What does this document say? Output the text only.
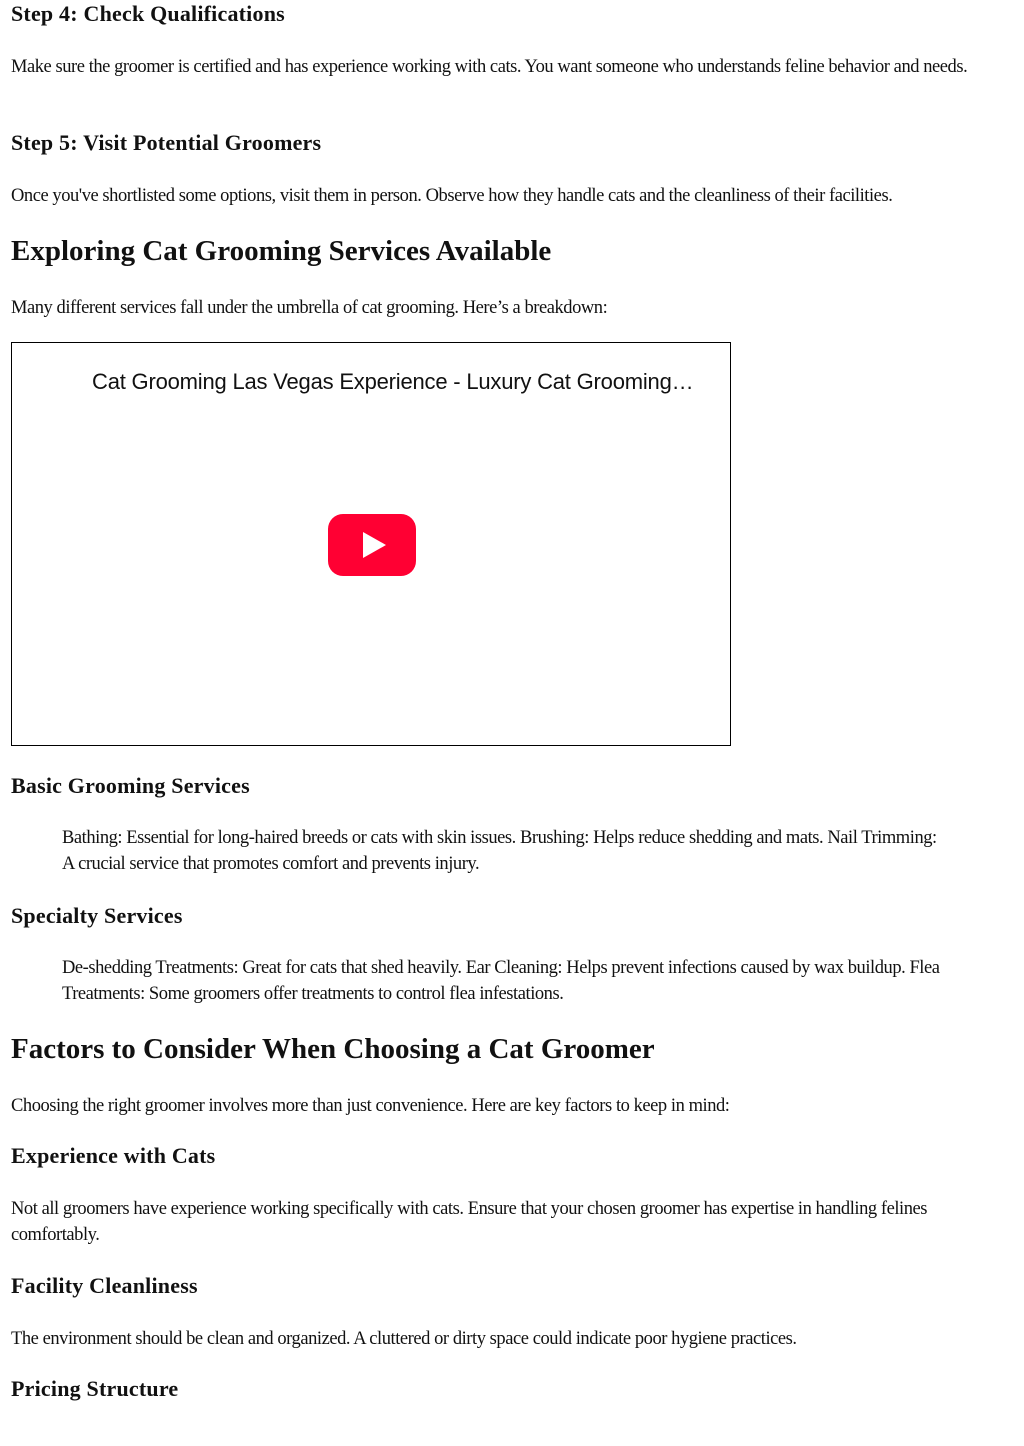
Step 4: Check Qualifications

Make sure the groomer is certified and has experience working with cats. You want someone who understands feline behavior and needs.

Step 5: Visit Potential Groomers

Once you've shortlisted some options, visit them in person. Observe how they handle cats and the cleanliness of their facilities.

Exploring Cat Grooming Services Available

Many different services fall under the umbrella of cat grooming. Here’s a breakdown:

Cat Grooming Las Vegas Experience - Luxury Cat Grooming…
Basic Grooming Services

Bathing: Essential for long-haired breeds or cats with skin issues. Brushing: Helps reduce shedding and mats. Nail Trimming: A crucial service that promotes comfort and prevents injury.

Specialty Services

De-shedding Treatments: Great for cats that shed heavily. Ear Cleaning: Helps prevent infections caused by wax buildup. Flea Treatments: Some groomers offer treatments to control flea infestations.

Factors to Consider When Choosing a Cat Groomer

Choosing the right groomer involves more than just convenience. Here are key factors to keep in mind:

Experience with Cats

Not all groomers have experience working specifically with cats. Ensure that your chosen groomer has expertise in handling felines comfortably.

Facility Cleanliness

The environment should be clean and organized. A cluttered or dirty space could indicate poor hygiene practices.

Pricing Structure
